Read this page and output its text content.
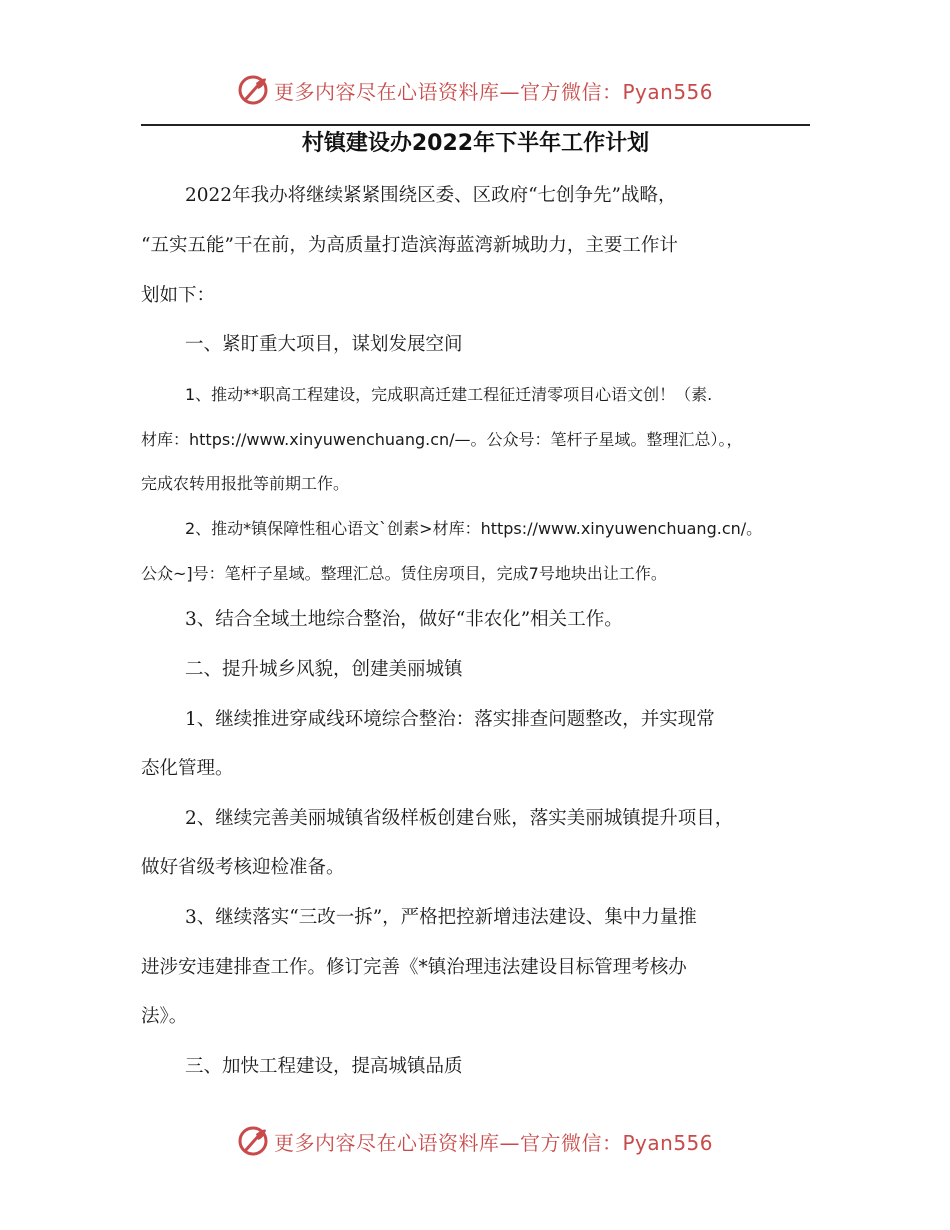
更多内容尽在心语资料库—官方微信：Pyan556
村镇建设办2022年下半年工作计划
2022年我办将继续紧紧围绕区委、区政府“七创争先”战略，
“五实五能”干在前，为高质量打造滨海蓝湾新城助力，主要工作计
划如下：
一、紧盯重大项目，谋划发展空间
1、推动**职高工程建设，完成职高迁建工程征迁清零项目心语文创！（素.
材库：https://www.xinyuwenchuang.cn/—。公众号：笔杆子星域。整理汇总）。，
完成农转用报批等前期工作。
2、推动*镇保障性租心语文`创素>材库：https://www.xinyuwenchuang.cn/。
公众~]号：笔杆子星域。整理汇总。赁住房项目，完成7号地块出让工作。
3、结合全域土地综合整治，做好“非农化”相关工作。
二、提升城乡风貌，创建美丽城镇
1、继续推进穿咸线环境综合整治：落实排查问题整改，并实现常
态化管理。
2、继续完善美丽城镇省级样板创建台账，落实美丽城镇提升项目，
做好省级考核迎检准备。
3、继续落实“三改一拆”，严格把控新增违法建设、集中力量推
进涉安违建排查工作。修订完善《*镇治理违法建设目标管理考核办
法》。
三、加快工程建设，提高城镇品质
更多内容尽在心语资料库—官方微信：Pyan556
